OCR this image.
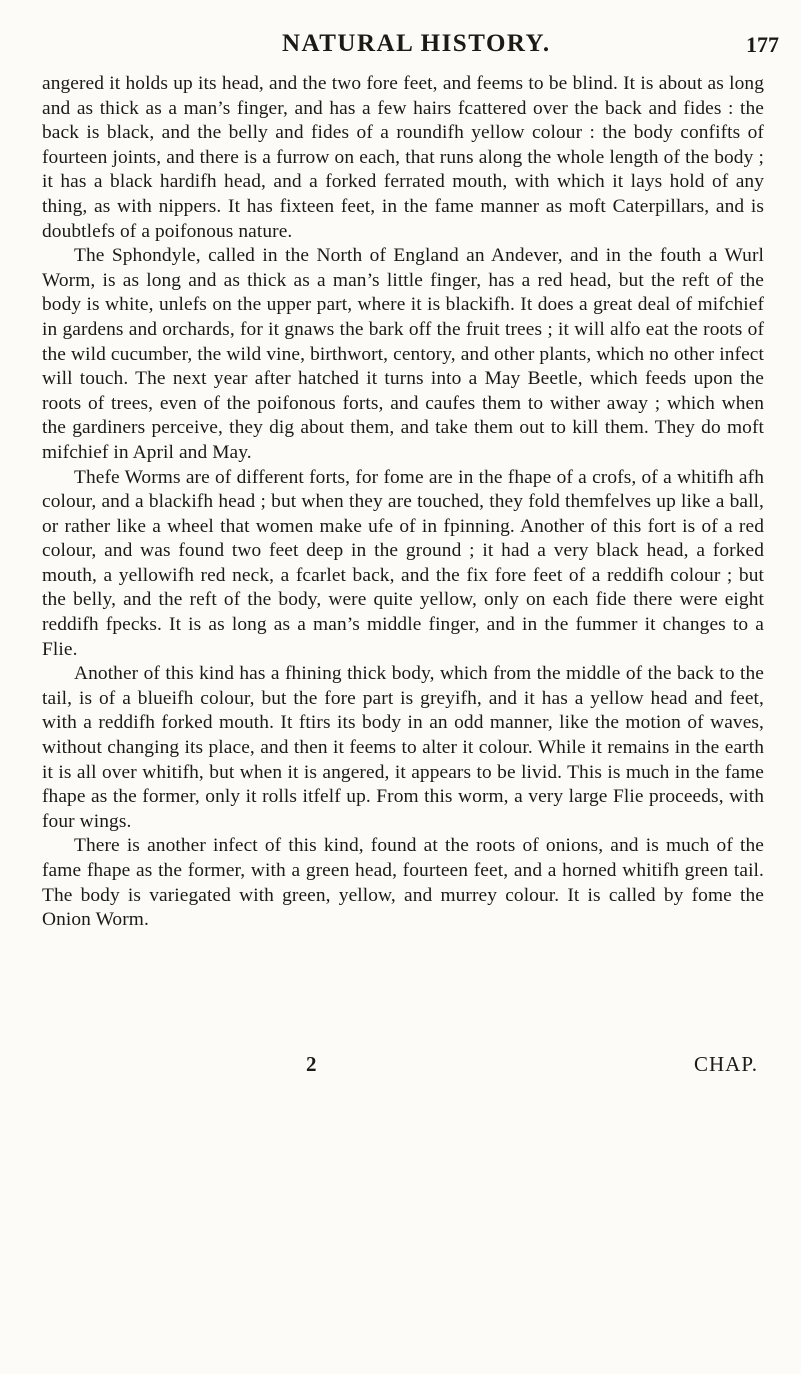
NATURAL HISTORY.	177

angered it holds up its head, and the two fore feet, and feems to be blind. It is about as long and as thick as a man’s finger, and has a few hairs fcattered over the back and fides : the back is black, and the belly and fides of a roundifh yellow colour : the body confifts of fourteen joints, and there is a furrow on each, that runs along the whole length of the body ; it has a black hardifh head, and a forked ferrated mouth, with which it lays hold of any thing, as with nippers. It has fixteen feet, in the fame manner as moft Caterpillars, and is doubtlefs of a poifonous nature.

The Sphondyle, called in the North of England an Andever, and in the fouth a Wurl Worm, is as long and as thick as a man’s little finger, has a red head, but the reft of the body is white, unlefs on the upper part, where it is blackifh. It does a great deal of mifchief in gardens and orchards, for it gnaws the bark off the fruit trees ; it will alfo eat the roots of the wild cucumber, the wild vine, birthwort, centory, and other plants, which no other infect will touch. The next year after hatched it turns into a May Beetle, which feeds upon the roots of trees, even of the poifonous forts, and caufes them to wither away ; which when the gardiners perceive, they dig about them, and take them out to kill them. They do moft mifchief in April and May.

Thefe Worms are of different forts, for fome are in the fhape of a crofs, of a whitifh afh colour, and a blackifh head ; but when they are touched, they fold themfelves up like a ball, or rather like a wheel that women make ufe of in fpinning. Another of this fort is of a red colour, and was found two feet deep in the ground ; it had a very black head, a forked mouth, a yellowifh red neck, a fcarlet back, and the fix fore feet of a reddifh colour ; but the belly, and the reft of the body, were quite yellow, only on each fide there were eight reddifh fpecks. It is as long as a man’s middle finger, and in the fummer it changes to a Flie.

Another of this kind has a fhining thick body, which from the middle of the back to the tail, is of a blueifh colour, but the fore part is greyifh, and it has a yellow head and feet, with a reddifh forked mouth. It ftirs its body in an odd manner, like the motion of waves, without changing its place, and then it feems to alter it colour. While it remains in the earth it is all over whitifh, but when it is angered, it appears to be livid. This is much in the fame fhape as the former, only it rolls itfelf up. From this worm, a very large Flie proceeds, with four wings.

There is another infect of this kind, found at the roots of onions, and is much of the fame fhape as the former, with a green head, fourteen feet, and a horned whitifh green tail. The body is variegated with green, yellow, and murrey colour. It is called by fome the Onion Worm.

2	CHAP.
